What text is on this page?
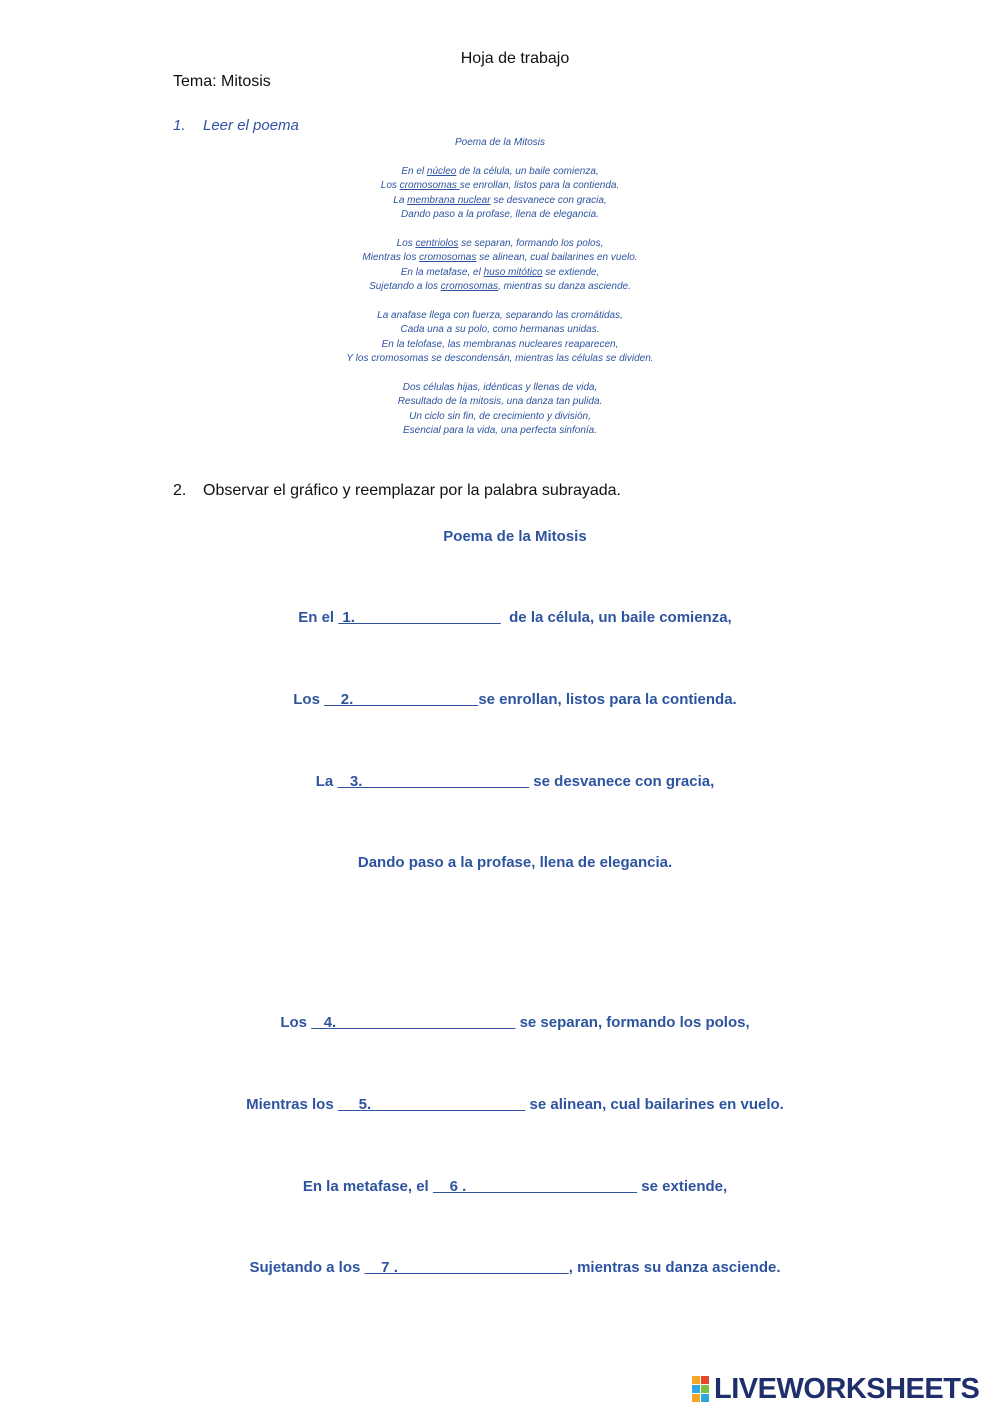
Hoja de trabajo
Tema: Mitosis
1. Leer el poema
Poema de la Mitosis
En el núcleo de la célula, un baile comienza,
Los cromosomas se enrollan, listos para la contienda.
La membrana nuclear se desvanece con gracia,
Dando paso a la profase, llena de elegancia.
Los centriolos se separan, formando los polos,
Mientras los cromosomas se alinean, cual bailarines en vuelo.
En la metafase, el huso mitótico se extiende,
Sujetando a los cromosomas, mientras su danza asciende.
La anafase llega con fuerza, separando las cromátidas,
Cada una a su polo, como hermanas unidas.
En la telofase, las membranas nucleares reaparecen,
Y los cromosomas se descondensán, mientras las células se dividen.
Dos células hijas, idénticas y llenas de vida,
Resultado de la mitosis, una danza tan pulida.
Un ciclo sin fin, de crecimiento y división,
Esencial para la vida, una perfecta sinfonía.
2. Observar el gráfico y reemplazar por la palabra subrayada.
Poema de la Mitosis
En el  1.                                     de la célula, un baile comienza,
Los     2.                              se enrollan, listos para la contienda.
La    3.                                         se desvanece con gracia,
Dando paso a la profase, llena de elegancia.
Los    4.                                            se separan, formando los polos,
Mientras los      5.                                      se alinean, cual bailarines en vuelo.
En la metafase, el     6 .                                          se extiende,
Sujetando a los     7 .                                         , mientras su danza asciende.
LIVEWORKSHEETS
